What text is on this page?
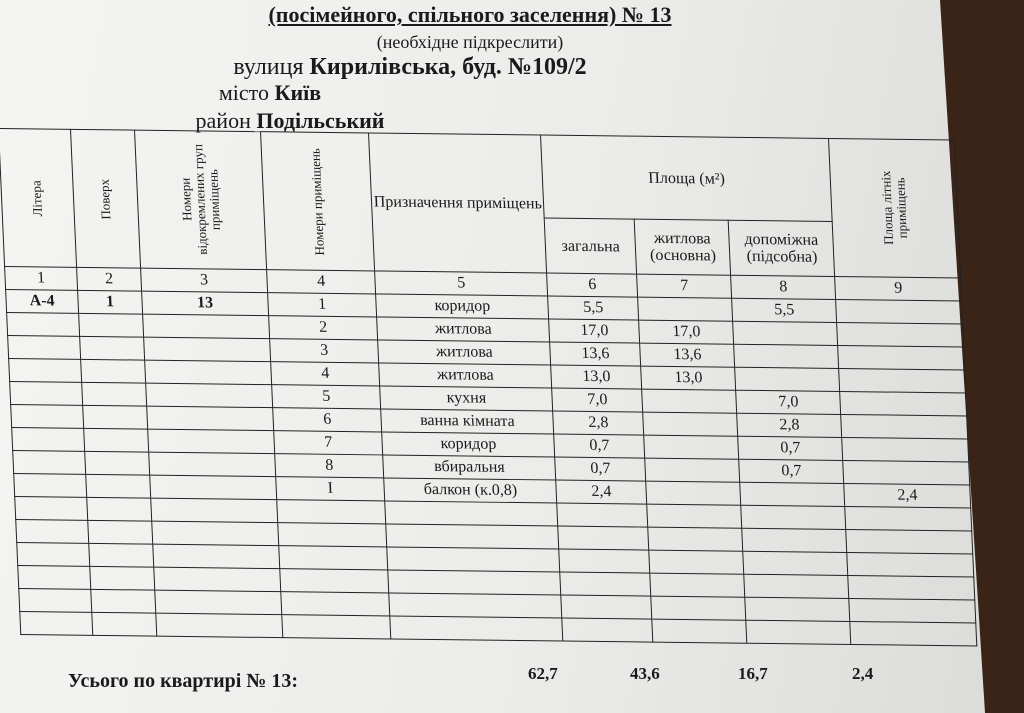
(посімейного, спільного заселення) № 13
(необхідне підкреслити)
вулиця Кирилівська, буд. №109/2
місто Київ
район Подільський
Літера	Поверх	Номери відокремлених груп приміщень	Номери приміщень	Призначення приміщень	Площа (м²)			Площа літніх приміщень
					загальна	житлова (основна)	допоміжна (підсобна)	
1	2	3	4	5	6	7	8	9
А-4	1	13	1	коридор	5,5		5,5	
			2	житлова	17,0	17,0		
			3	житлова	13,6	13,6		
			4	житлова	13,0	13,0		
			5	кухня	7,0		7,0	
			6	ванна кімната	2,8		2,8	
			7	коридор	0,7		0,7	
			8	вбиральня	0,7		0,7	
			I	балкон (к.0,8)	2,4			2,4

Усього по квартирі № 13:	62,7	43,6	16,7	2,4
